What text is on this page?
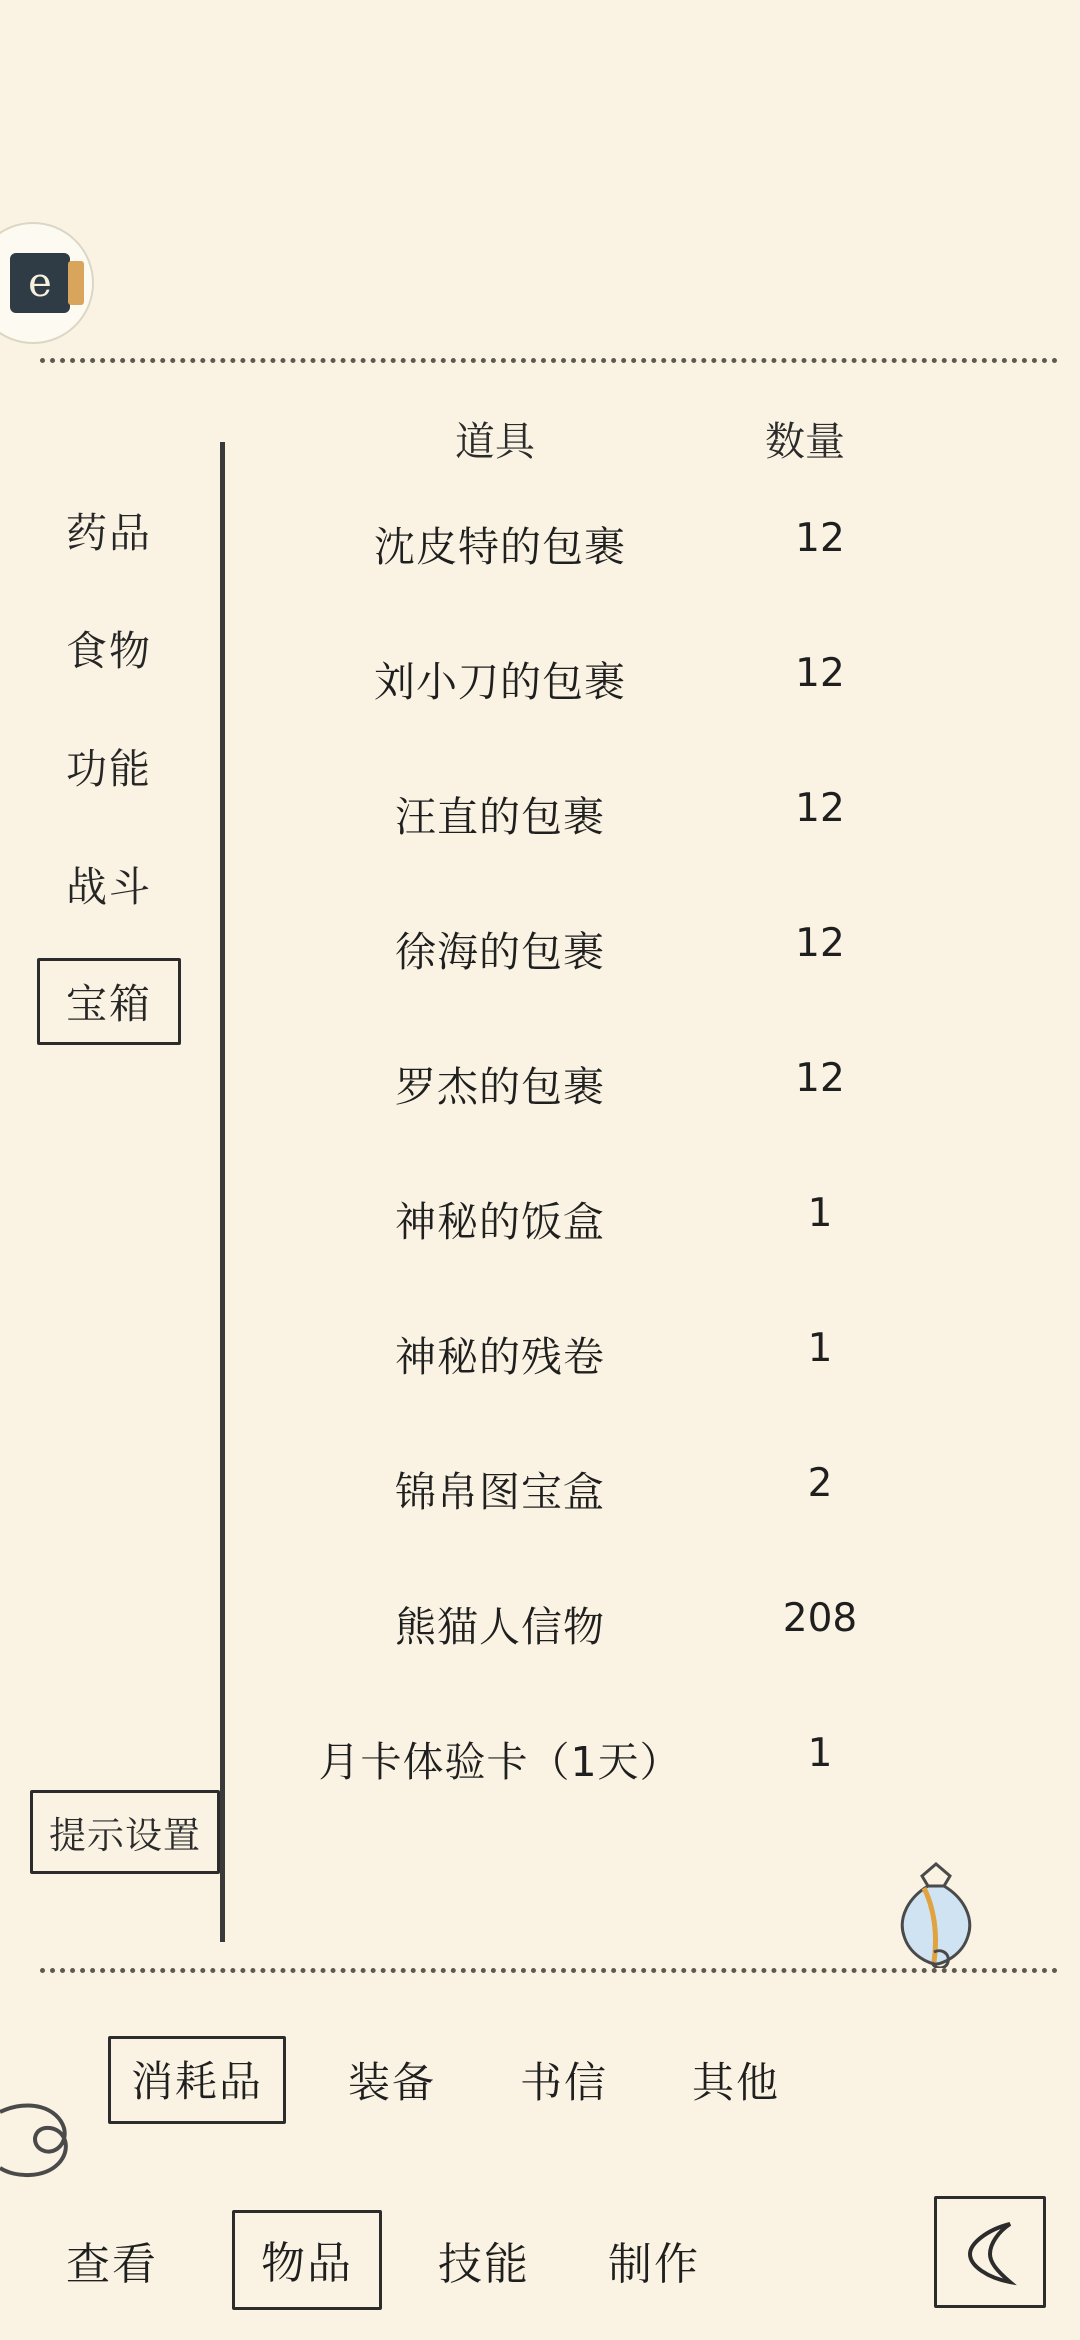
e
药品
食物
功能
战斗
宝箱
提示设置
道具	数量
沈皮特的包裹	12
刘小刀的包裹	12
汪直的包裹	12
徐海的包裹	12
罗杰的包裹	12
神秘的饭盒	1
神秘的残卷	1
锦帛图宝盒	2
熊猫人信物	208
月卡体验卡（1天）	1
消耗品	装备 书信 其他
查看	物品	技能 制作
